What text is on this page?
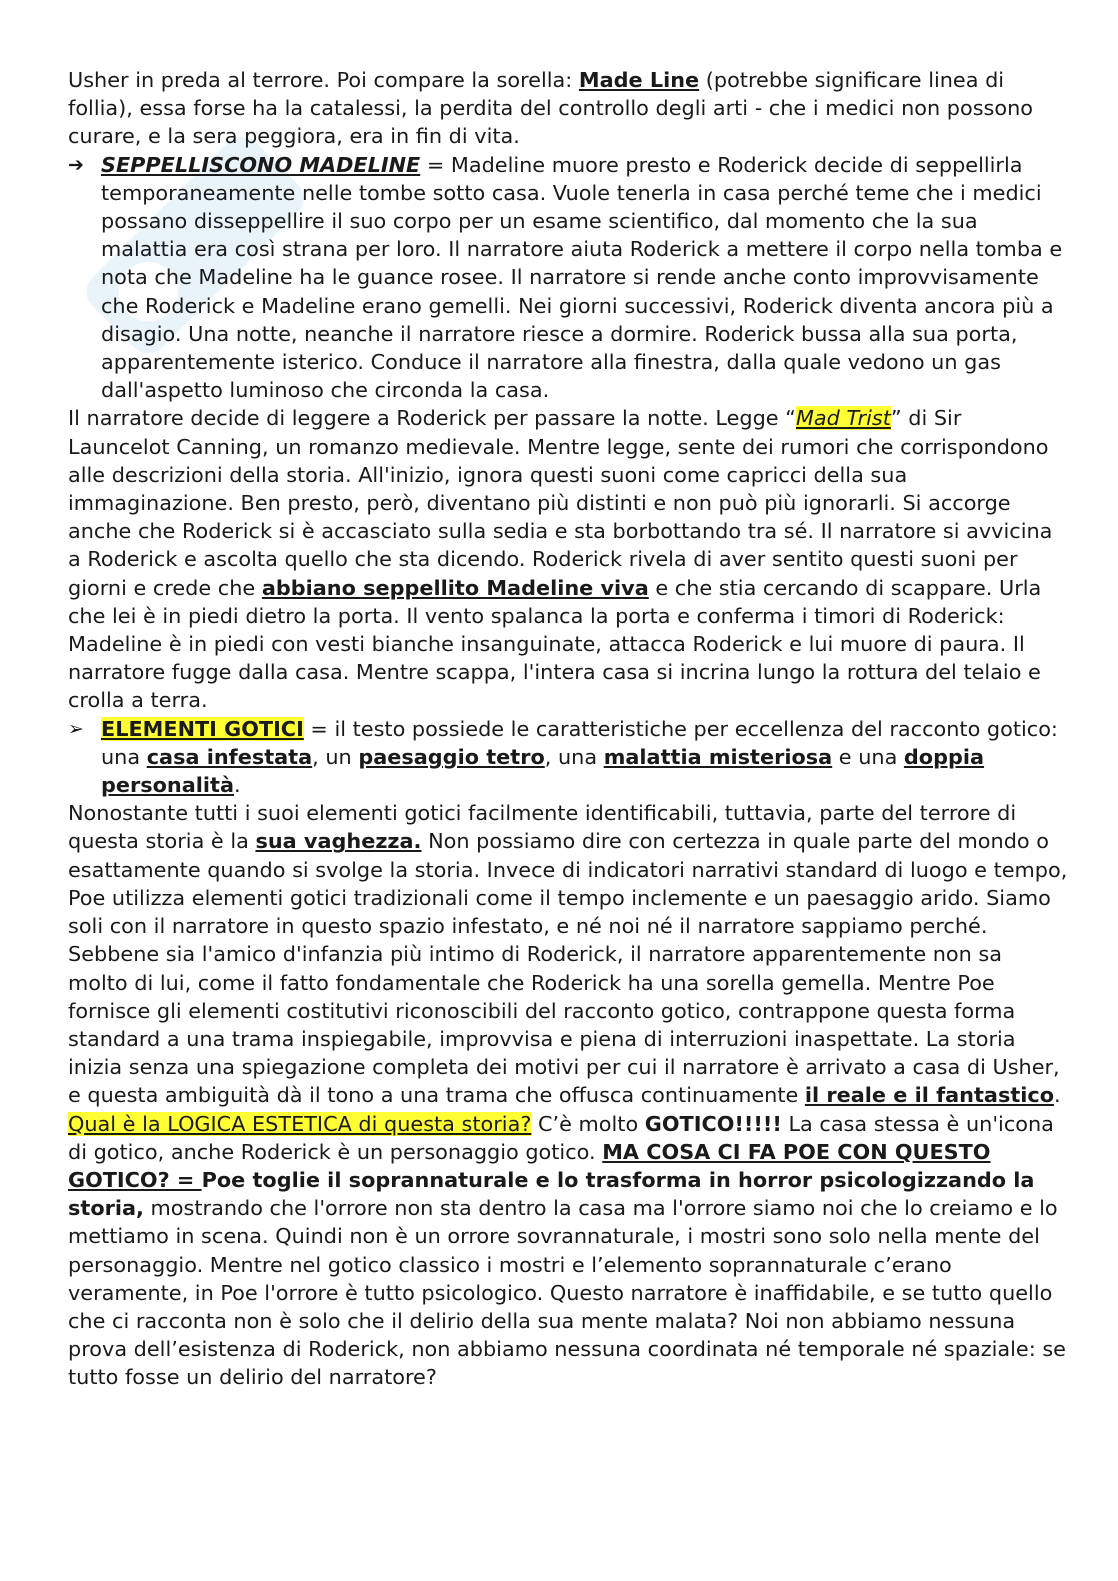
Usher in preda al terrore. Poi compare la sorella: Made Line (potrebbe significare linea di follia), essa forse ha la catalessi, la perdita del controllo degli arti - che i medici non possono curare, e la sera peggiora, era in fin di vita.

➔ SEPPELLISCONO MADELINE = Madeline muore presto e Roderick decide di seppellirla temporaneamente nelle tombe sotto casa. Vuole tenerla in casa perché teme che i medici possano disseppellire il suo corpo per un esame scientifico, dal momento che la sua malattia era così strana per loro. Il narratore aiuta Roderick a mettere il corpo nella tomba e nota che Madeline ha le guance rosee. Il narratore si rende anche conto improvvisamente che Roderick e Madeline erano gemelli. Nei giorni successivi, Roderick diventa ancora più a disagio. Una notte, neanche il narratore riesce a dormire. Roderick bussa alla sua porta, apparentemente isterico. Conduce il narratore alla finestra, dalla quale vedono un gas dall'aspetto luminoso che circonda la casa.

Il narratore decide di leggere a Roderick per passare la notte. Legge “Mad Trist” di Sir Launcelot Canning, un romanzo medievale. Mentre legge, sente dei rumori che corrispondono alle descrizioni della storia. All'inizio, ignora questi suoni come capricci della sua immaginazione. Ben presto, però, diventano più distinti e non può più ignorarli. Si accorge anche che Roderick si è accasciato sulla sedia e sta borbottando tra sé. Il narratore si avvicina a Roderick e ascolta quello che sta dicendo. Roderick rivela di aver sentito questi suoni per giorni e crede che abbiano seppellito Madeline viva e che stia cercando di scappare. Urla che lei è in piedi dietro la porta. Il vento spalanca la porta e conferma i timori di Roderick: Madeline è in piedi con vesti bianche insanguinate, attacca Roderick e lui muore di paura. Il narratore fugge dalla casa. Mentre scappa, l'intera casa si incrina lungo la rottura del telaio e crolla a terra.

➢ ELEMENTI GOTICI = il testo possiede le caratteristiche per eccellenza del racconto gotico: una casa infestata, un paesaggio tetro, una malattia misteriosa e una doppia personalità.

Nonostante tutti i suoi elementi gotici facilmente identificabili, tuttavia, parte del terrore di questa storia è la sua vaghezza. Non possiamo dire con certezza in quale parte del mondo o esattamente quando si svolge la storia. Invece di indicatori narrativi standard di luogo e tempo, Poe utilizza elementi gotici tradizionali come il tempo inclemente e un paesaggio arido. Siamo soli con il narratore in questo spazio infestato, e né noi né il narratore sappiamo perché. Sebbene sia l'amico d'infanzia più intimo di Roderick, il narratore apparentemente non sa molto di lui, come il fatto fondamentale che Roderick ha una sorella gemella. Mentre Poe fornisce gli elementi costitutivi riconoscibili del racconto gotico, contrappone questa forma standard a una trama inspiegabile, improvvisa e piena di interruzioni inaspettate. La storia inizia senza una spiegazione completa dei motivi per cui il narratore è arrivato a casa di Usher, e questa ambiguità dà il tono a una trama che offusca continuamente il reale e il fantastico.

Qual è la LOGICA ESTETICA di questa storia? C’è molto GOTICO!!!!! La casa stessa è un'icona di gotico, anche Roderick è un personaggio gotico. MA COSA CI FA POE CON QUESTO GOTICO? = Poe toglie il soprannaturale e lo trasforma in horror psicologizzando la storia, mostrando che l'orrore non sta dentro la casa ma l'orrore siamo noi che lo creiamo e lo mettiamo in scena. Quindi non è un orrore sovrannaturale, i mostri sono solo nella mente del personaggio. Mentre nel gotico classico i mostri e l’elemento soprannaturale c’erano veramente, in Poe l'orrore è tutto psicologico. Questo narratore è inaffidabile, e se tutto quello che ci racconta non è solo che il delirio della sua mente malata? Noi non abbiamo nessuna prova dell’esistenza di Roderick, non abbiamo nessuna coordinata né temporale né spaziale: se tutto fosse un delirio del narratore?
